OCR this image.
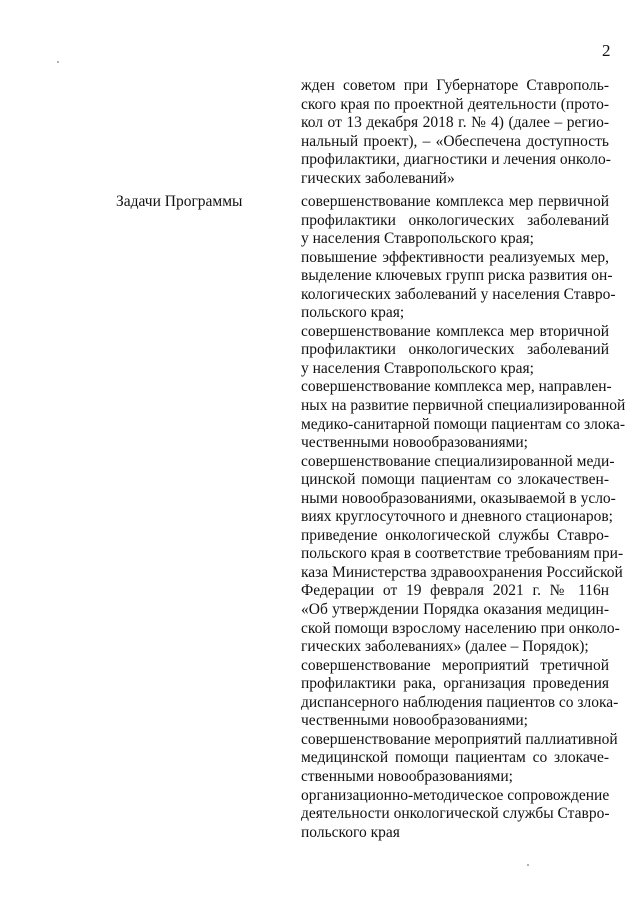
2
Задачи Программы
жден советом при Губернаторе Ставрополь-
ского края по проектной деятельности (прото-
кол от 13 декабря 2018 г. № 4) (далее – регио-
нальный проект), – «Обеспечена доступность
профилактики, диагностики и лечения онколо-
гических заболеваний»
совершенствование комплекса мер первичной
профилактики онкологических заболеваний
у населения Ставропольского края;
повышение эффективности реализуемых мер,
выделение ключевых групп риска развития он-
кологических заболеваний у населения Ставро-
польского края;
совершенствование комплекса мер вторичной
профилактики онкологических заболеваний
у населения Ставропольского края;
совершенствование комплекса мер, направлен-
ных на развитие первичной специализированной
медико-санитарной помощи пациентам со злока-
чественными новообразованиями;
совершенствование специализированной меди-
цинской помощи пациентам со злокачествен-
ными новообразованиями, оказываемой в усло-
виях круглосуточного и дневного стационаров;
приведение онкологической службы Ставро-
польского края в соответствие требованиям при-
каза Министерства здравоохранения Российской
Федерации от 19 февраля 2021 г. № 116н
«Об утверждении Порядка оказания медицин-
ской помощи взрослому населению при онколо-
гических заболеваниях» (далее – Порядок);
совершенствование мероприятий третичной
профилактики рака, организация проведения
диспансерного наблюдения пациентов со злока-
чественными новообразованиями;
совершенствование мероприятий паллиативной
медицинской помощи пациентам со злокаче-
ственными новообразованиями;
организационно-методическое сопровождение
деятельности онкологической службы Ставро-
польского края
